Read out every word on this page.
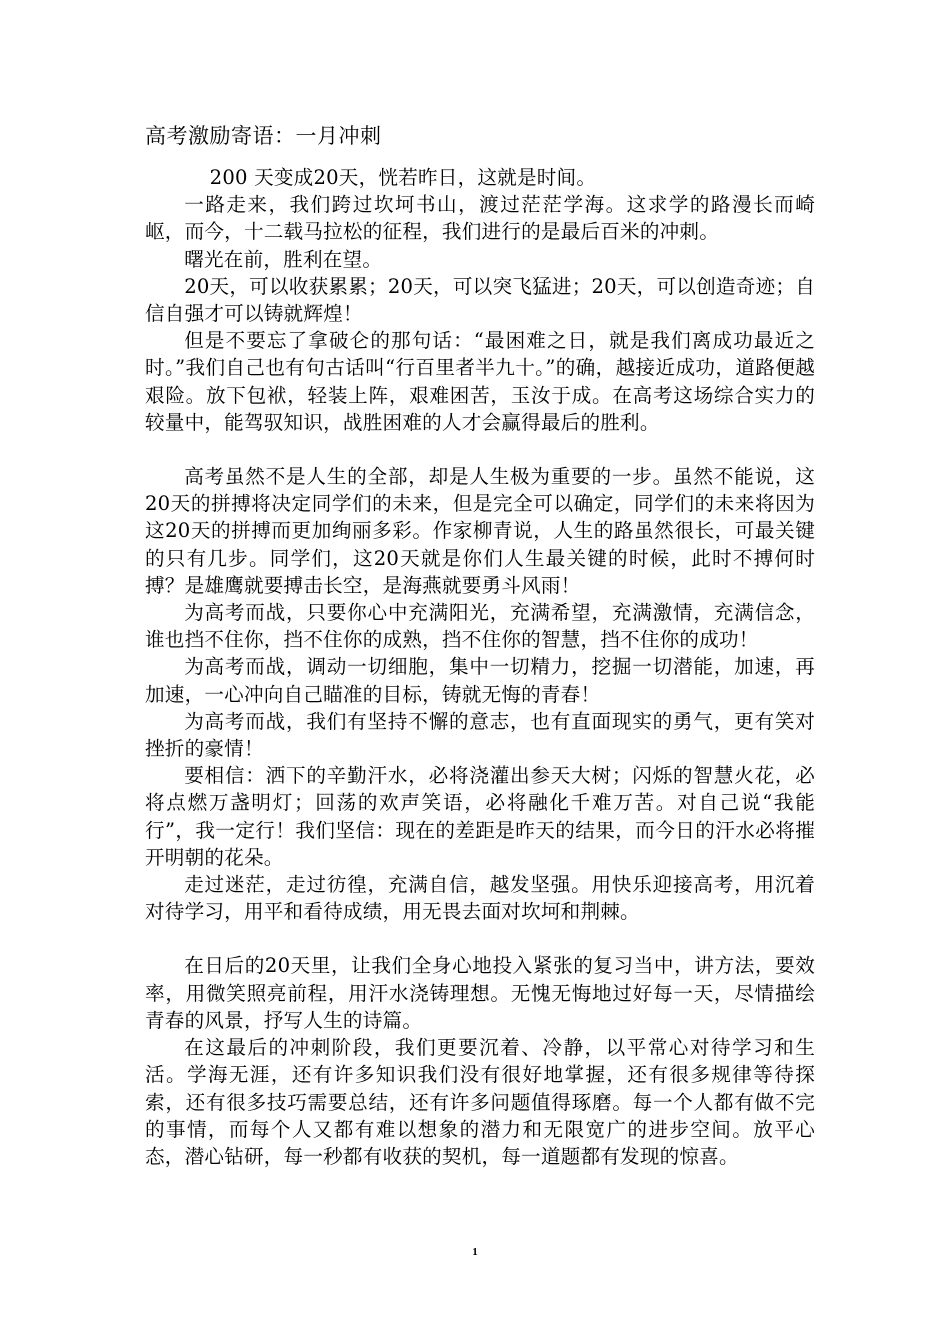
高考激励寄语：一月冲刺

200 天变成20天，恍若昨日，这就是时间。

一路走来，我们跨过坎坷书山，渡过茫茫学海。这求学的路漫长而崎岖，而今，十二载马拉松的征程，我们进行的是最后百米的冲刺。

曙光在前，胜利在望。

20天，可以收获累累；20天，可以突飞猛进；20天，可以创造奇迹；自信自强才可以铸就辉煌！

但是不要忘了拿破仑的那句话：“最困难之日，就是我们离成功最近之时。”我们自己也有句古话叫“行百里者半九十。”的确，越接近成功，道路便越艰险。放下包袱，轻装上阵，艰难困苦，玉汝于成。在高考这场综合实力的较量中，能驾驭知识，战胜困难的人才会赢得最后的胜利。

高考虽然不是人生的全部，却是人生极为重要的一步。虽然不能说，这20天的拼搏将决定同学们的未来，但是完全可以确定，同学们的未来将因为这20天的拼搏而更加绚丽多彩。作家柳青说，人生的路虽然很长，可最关键的只有几步。同学们，这20天就是你们人生最关键的时候，此时不搏何时搏？是雄鹰就要搏击长空，是海燕就要勇斗风雨！

为高考而战，只要你心中充满阳光，充满希望，充满激情，充满信念，谁也挡不住你，挡不住你的成熟，挡不住你的智慧，挡不住你的成功！

为高考而战，调动一切细胞，集中一切精力，挖掘一切潜能，加速，再加速，一心冲向自己瞄准的目标，铸就无悔的青春！

为高考而战，我们有坚持不懈的意志，也有直面现实的勇气，更有笑对挫折的豪情！

要相信：洒下的辛勤汗水，必将浇灌出参天大树；闪烁的智慧火花，必将点燃万盏明灯；回荡的欢声笑语，必将融化千难万苦。对自己说“我能行”，我一定行！我们坚信：现在的差距是昨天的结果，而今日的汗水必将摧开明朝的花朵。

走过迷茫，走过彷徨，充满自信，越发坚强。用快乐迎接高考，用沉着对待学习，用平和看待成绩，用无畏去面对坎坷和荆棘。

在日后的20天里，让我们全身心地投入紧张的复习当中，讲方法，要效率，用微笑照亮前程，用汗水浇铸理想。无愧无悔地过好每一天，尽情描绘青春的风景，抒写人生的诗篇。

在这最后的冲刺阶段，我们更要沉着、冷静，以平常心对待学习和生活。学海无涯，还有许多知识我们没有很好地掌握，还有很多规律等待探索，还有很多技巧需要总结，还有许多问题值得琢磨。每一个人都有做不完的事情，而每个人又都有难以想象的潜力和无限宽广的进步空间。放平心态，潜心钻研，每一秒都有收获的契机，每一道题都有发现的惊喜。

1
